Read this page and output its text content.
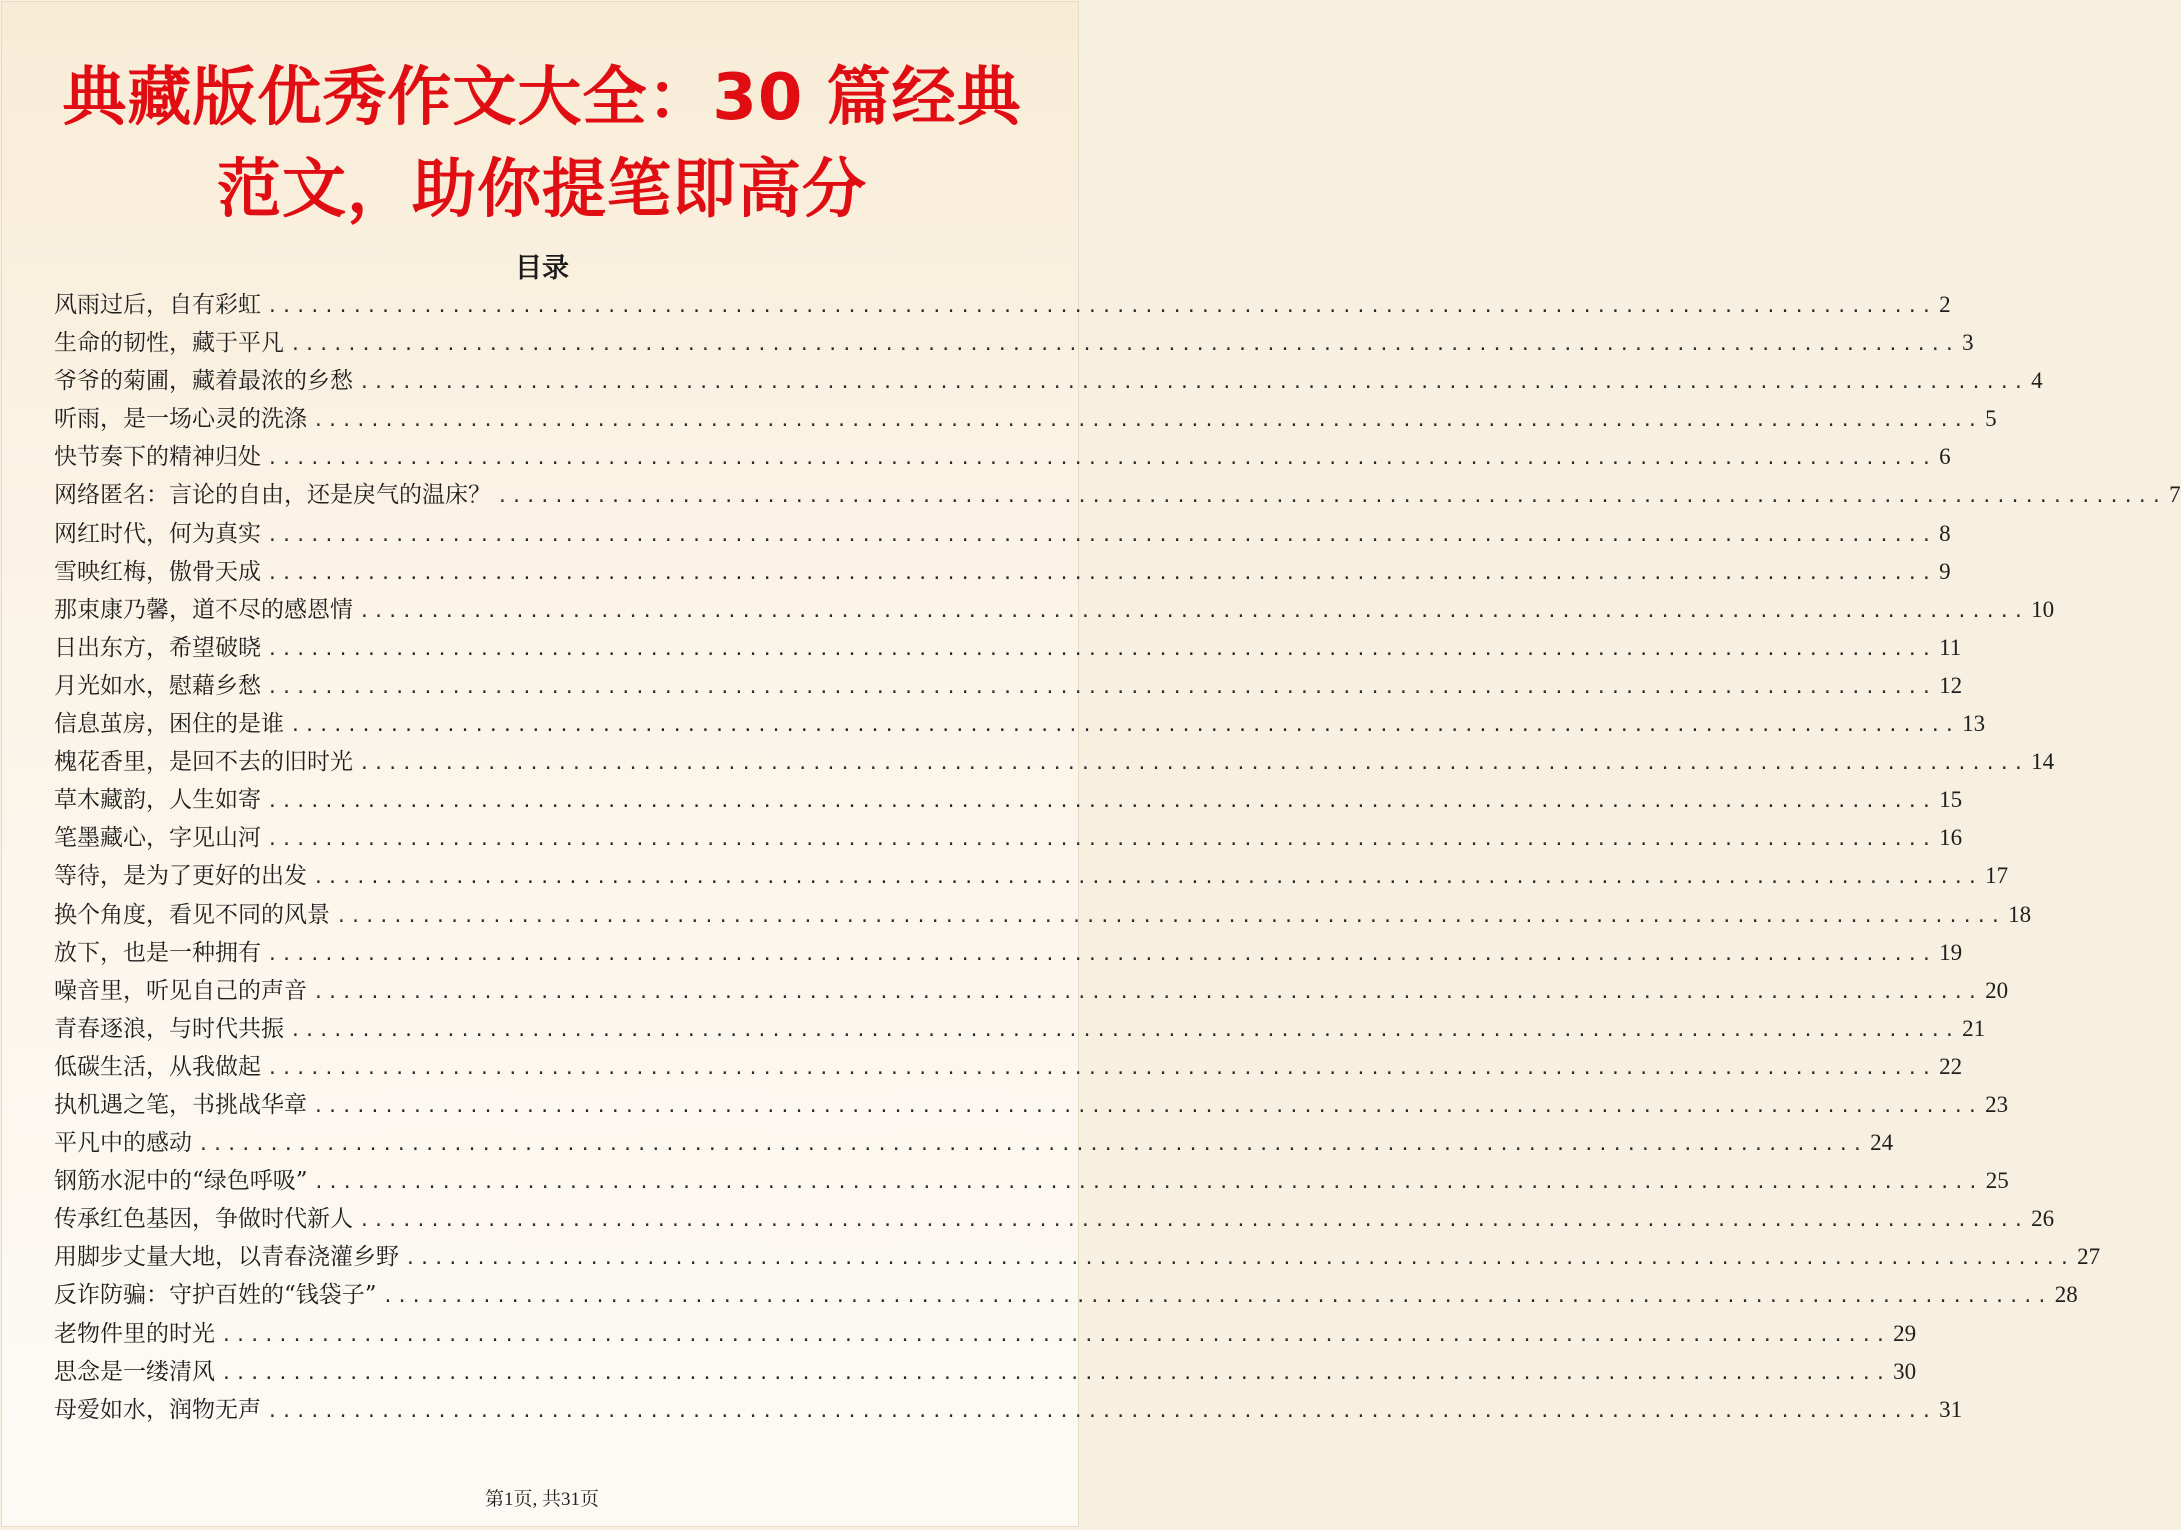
典藏版优秀作文大全：30 篇经典
范文，助你提笔即高分
目录
风雨过后，自有彩虹 ...................................................................................................................... 2
生命的韧性，藏于平凡 ...................................................................................................................... 3
爷爷的菊圃，藏着最浓的乡愁 ...................................................................................................................... 4
听雨，是一场心灵的洗涤 ...................................................................................................................... 5
快节奏下的精神归处 ...................................................................................................................... 6
网络匿名：言论的自由，还是戾气的温床？ ...................................................................................................................... 7
网红时代，何为真实 ...................................................................................................................... 8
雪映红梅，傲骨天成 ...................................................................................................................... 9
那束康乃馨，道不尽的感恩情 ...................................................................................................................... 10
日出东方，希望破晓 ...................................................................................................................... 11
月光如水，慰藉乡愁 ...................................................................................................................... 12
信息茧房，困住的是谁 ...................................................................................................................... 13
槐花香里，是回不去的旧时光 ...................................................................................................................... 14
草木藏韵，人生如寄 ...................................................................................................................... 15
笔墨藏心，字见山河 ...................................................................................................................... 16
等待，是为了更好的出发 ...................................................................................................................... 17
换个角度，看见不同的风景 ...................................................................................................................... 18
放下，也是一种拥有 ...................................................................................................................... 19
噪音里，听见自己的声音 ...................................................................................................................... 20
青春逐浪，与时代共振 ...................................................................................................................... 21
低碳生活，从我做起 ...................................................................................................................... 22
执机遇之笔，书挑战华章 ...................................................................................................................... 23
平凡中的感动 ...................................................................................................................... 24
钢筋水泥中的“绿色呼吸” ...................................................................................................................... 25
传承红色基因，争做时代新人 ...................................................................................................................... 26
用脚步丈量大地，以青春浇灌乡野 ...................................................................................................................... 27
反诈防骗：守护百姓的“钱袋子” ...................................................................................................................... 28
老物件里的时光 ...................................................................................................................... 29
思念是一缕清风 ...................................................................................................................... 30
母爱如水，润物无声 ...................................................................................................................... 31
第1页, 共31页
